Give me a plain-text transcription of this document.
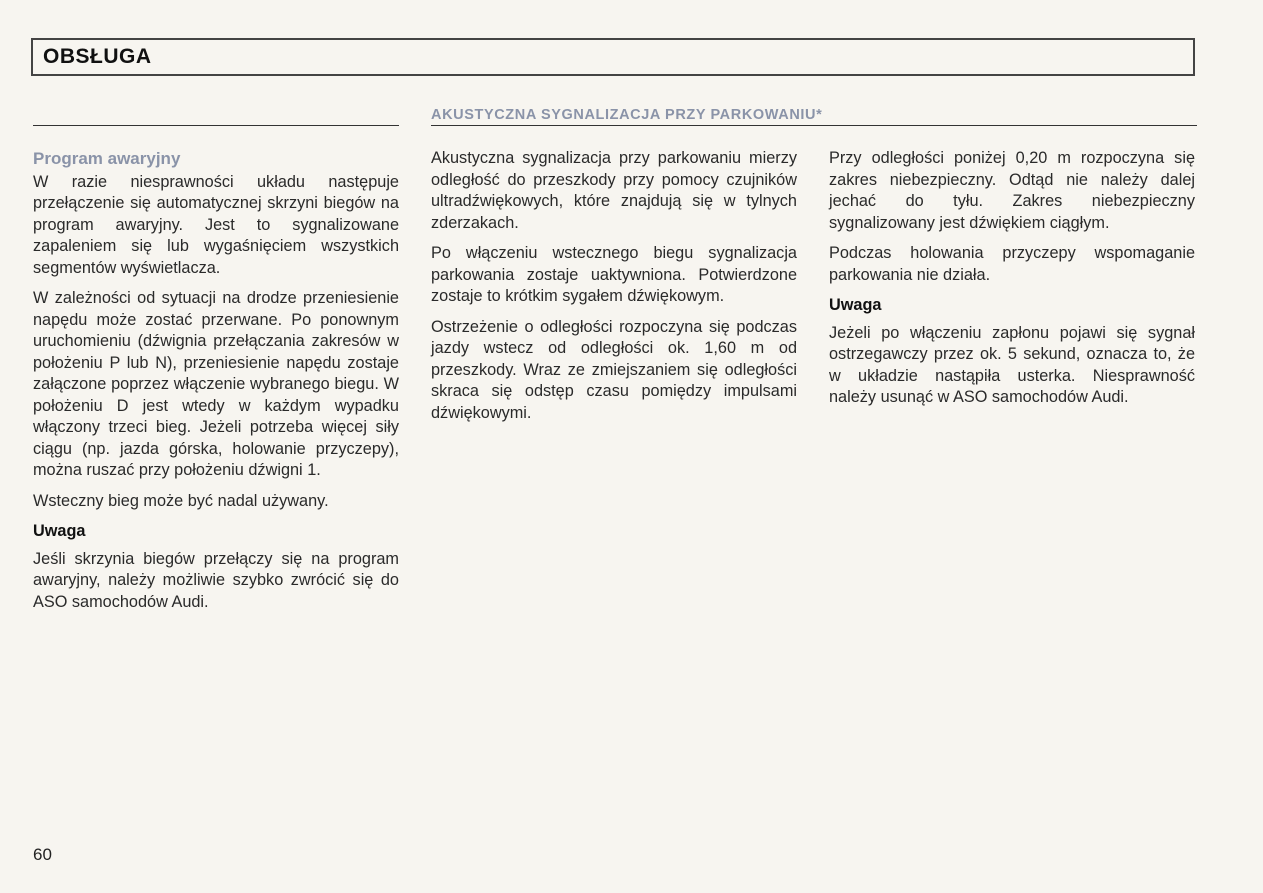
OBSŁUGA
AKUSTYCZNA SYGNALIZACJA PRZY PARKOWANIU*
Program awaryjny

W razie niesprawności układu następuje przełączenie się automatycznej skrzyni biegów na program awaryjny. Jest to sygnalizowane zapaleniem się lub wygaśnięciem wszystkich segmentów wyświetlacza.

W zależności od sytuacji na drodze przeniesienie napędu może zostać przerwane. Po ponownym uruchomieniu (dźwignia przełączania zakresów w położeniu P lub N), przeniesienie napędu zostaje załączone poprzez włączenie wybranego biegu. W położeniu D jest wtedy w każdym wypadku włączony trzeci bieg. Jeżeli potrzeba więcej siły ciągu (np. jazda górska, holowanie przyczepy), można ruszać przy położeniu dźwigni 1.

Wsteczny bieg może być nadal używany.

Uwaga

Jeśli skrzynia biegów przełączy się na program awaryjny, należy możliwie szybko zwrócić się do ASO samochodów Audi.

Akustyczna sygnalizacja przy parkowaniu mierzy odległość do przeszkody przy pomocy czujników ultradźwiękowych, które znajdują się w tylnych zderzakach.

Po włączeniu wstecznego biegu sygnalizacja parkowania zostaje uaktywniona. Potwierdzone zostaje to krótkim sygałem dźwiękowym.

Ostrzeżenie o odległości rozpoczyna się podczas jazdy wstecz od odległości ok. 1,60 m od przeszkody. Wraz ze zmiejszaniem się odległości skraca się odstęp czasu pomiędzy impulsami dźwiękowymi.

Przy odległości poniżej 0,20 m rozpoczyna się zakres niebezpieczny. Odtąd nie należy dalej jechać do tyłu. Zakres niebezpieczny sygnalizowany jest dźwiękiem ciągłym.

Podczas holowania przyczepy wspomaganie parkowania nie działa.

Uwaga

Jeżeli po włączeniu zapłonu pojawi się sygnał ostrzegawczy przez ok. 5 sekund, oznacza to, że w układzie nastąpiła usterka. Niesprawność należy usunąć w ASO samochodów Audi.

60
